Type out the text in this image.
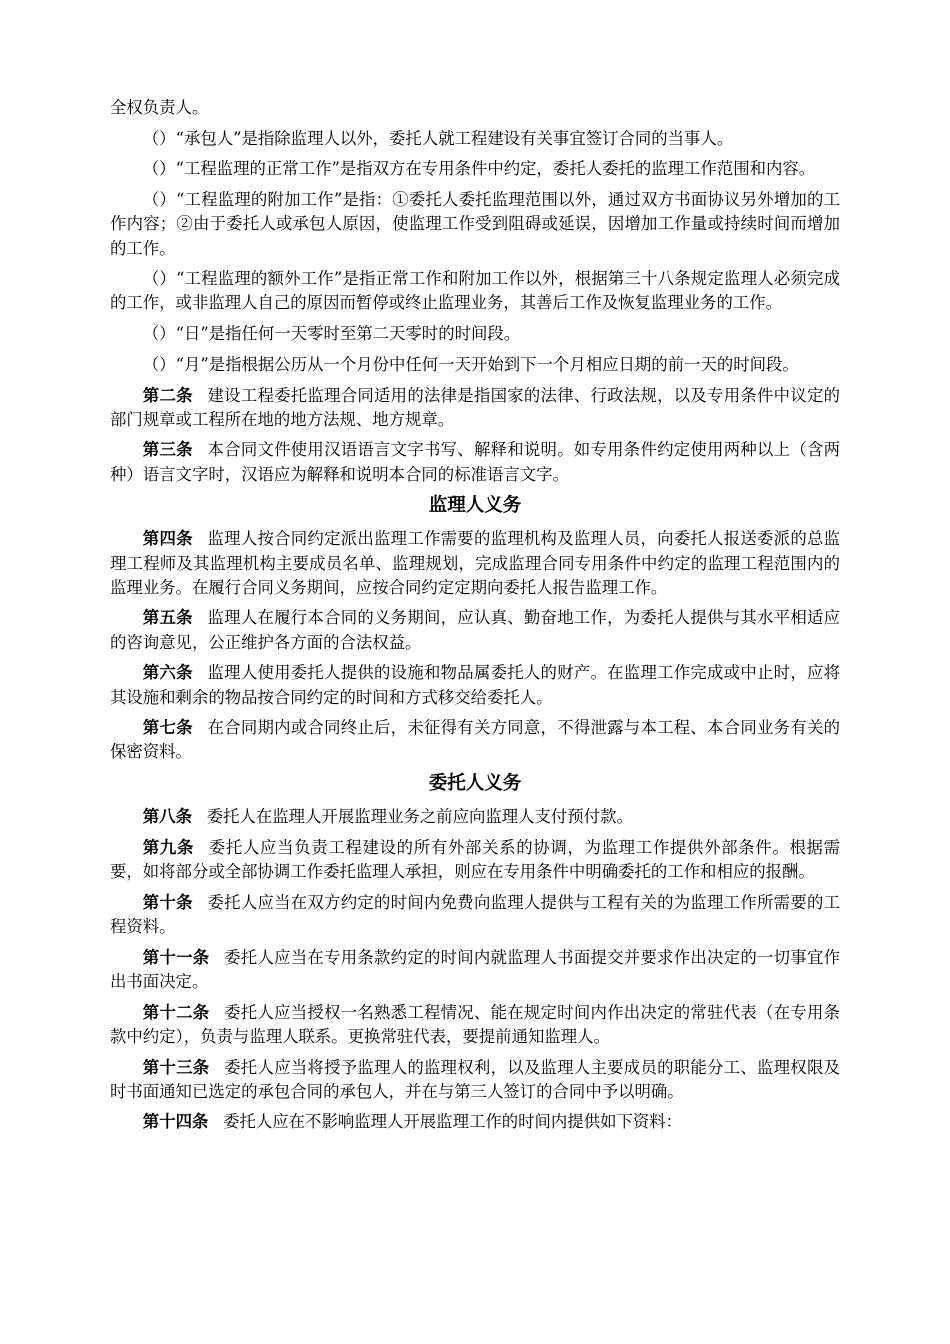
全权负责人。

（）“承包人”是指除监理人以外，委托人就工程建设有关事宜签订合同的当事人。

（）“工程监理的正常工作”是指双方在专用条件中约定，委托人委托的监理工作范围和内容。

（）“工程监理的附加工作”是指：①委托人委托监理范围以外，通过双方书面协议另外增加的工作内容；②由于委托人或承包人原因，使监理工作受到阻碍或延误，因增加工作量或持续时间而增加的工作。

（）“工程监理的额外工作”是指正常工作和附加工作以外，根据第三十八条规定监理人必须完成的工作，或非监理人自己的原因而暂停或终止监理业务，其善后工作及恢复监理业务的工作。

（）“日”是指任何一天零时至第二天零时的时间段。

（）“月”是指根据公历从一个月份中任何一天开始到下一个月相应日期的前一天的时间段。

第二条 建设工程委托监理合同适用的法律是指国家的法律、行政法规，以及专用条件中议定的部门规章或工程所在地的地方法规、地方规章。

第三条 本合同文件使用汉语语言文字书写、解释和说明。如专用条件约定使用两种以上（含两种）语言文字时，汉语应为解释和说明本合同的标准语言文字。

监理人义务

第四条 监理人按合同约定派出监理工作需要的监理机构及监理人员，向委托人报送委派的总监理工程师及其监理机构主要成员名单、监理规划，完成监理合同专用条件中约定的监理工程范围内的监理业务。在履行合同义务期间，应按合同约定定期向委托人报告监理工作。

第五条 监理人在履行本合同的义务期间，应认真、勤奋地工作，为委托人提供与其水平相适应的咨询意见，公正维护各方面的合法权益。

第六条 监理人使用委托人提供的设施和物品属委托人的财产。在监理工作完成或中止时，应将其设施和剩余的物品按合同约定的时间和方式移交给委托人。

第七条 在合同期内或合同终止后，未征得有关方同意，不得泄露与本工程、本合同业务有关的保密资料。

委托人义务

第八条 委托人在监理人开展监理业务之前应向监理人支付预付款。

第九条 委托人应当负责工程建设的所有外部关系的协调，为监理工作提供外部条件。根据需要，如将部分或全部协调工作委托监理人承担，则应在专用条件中明确委托的工作和相应的报酬。

第十条 委托人应当在双方约定的时间内免费向监理人提供与工程有关的为监理工作所需要的工程资料。

第十一条 委托人应当在专用条款约定的时间内就监理人书面提交并要求作出决定的一切事宜作出书面决定。

第十二条 委托人应当授权一名熟悉工程情况、能在规定时间内作出决定的常驻代表（在专用条款中约定），负责与监理人联系。更换常驻代表，要提前通知监理人。

第十三条 委托人应当将授予监理人的监理权利，以及监理人主要成员的职能分工、监理权限及时书面通知已选定的承包合同的承包人，并在与第三人签订的合同中予以明确。

第十四条 委托人应在不影响监理人开展监理工作的时间内提供如下资料：
